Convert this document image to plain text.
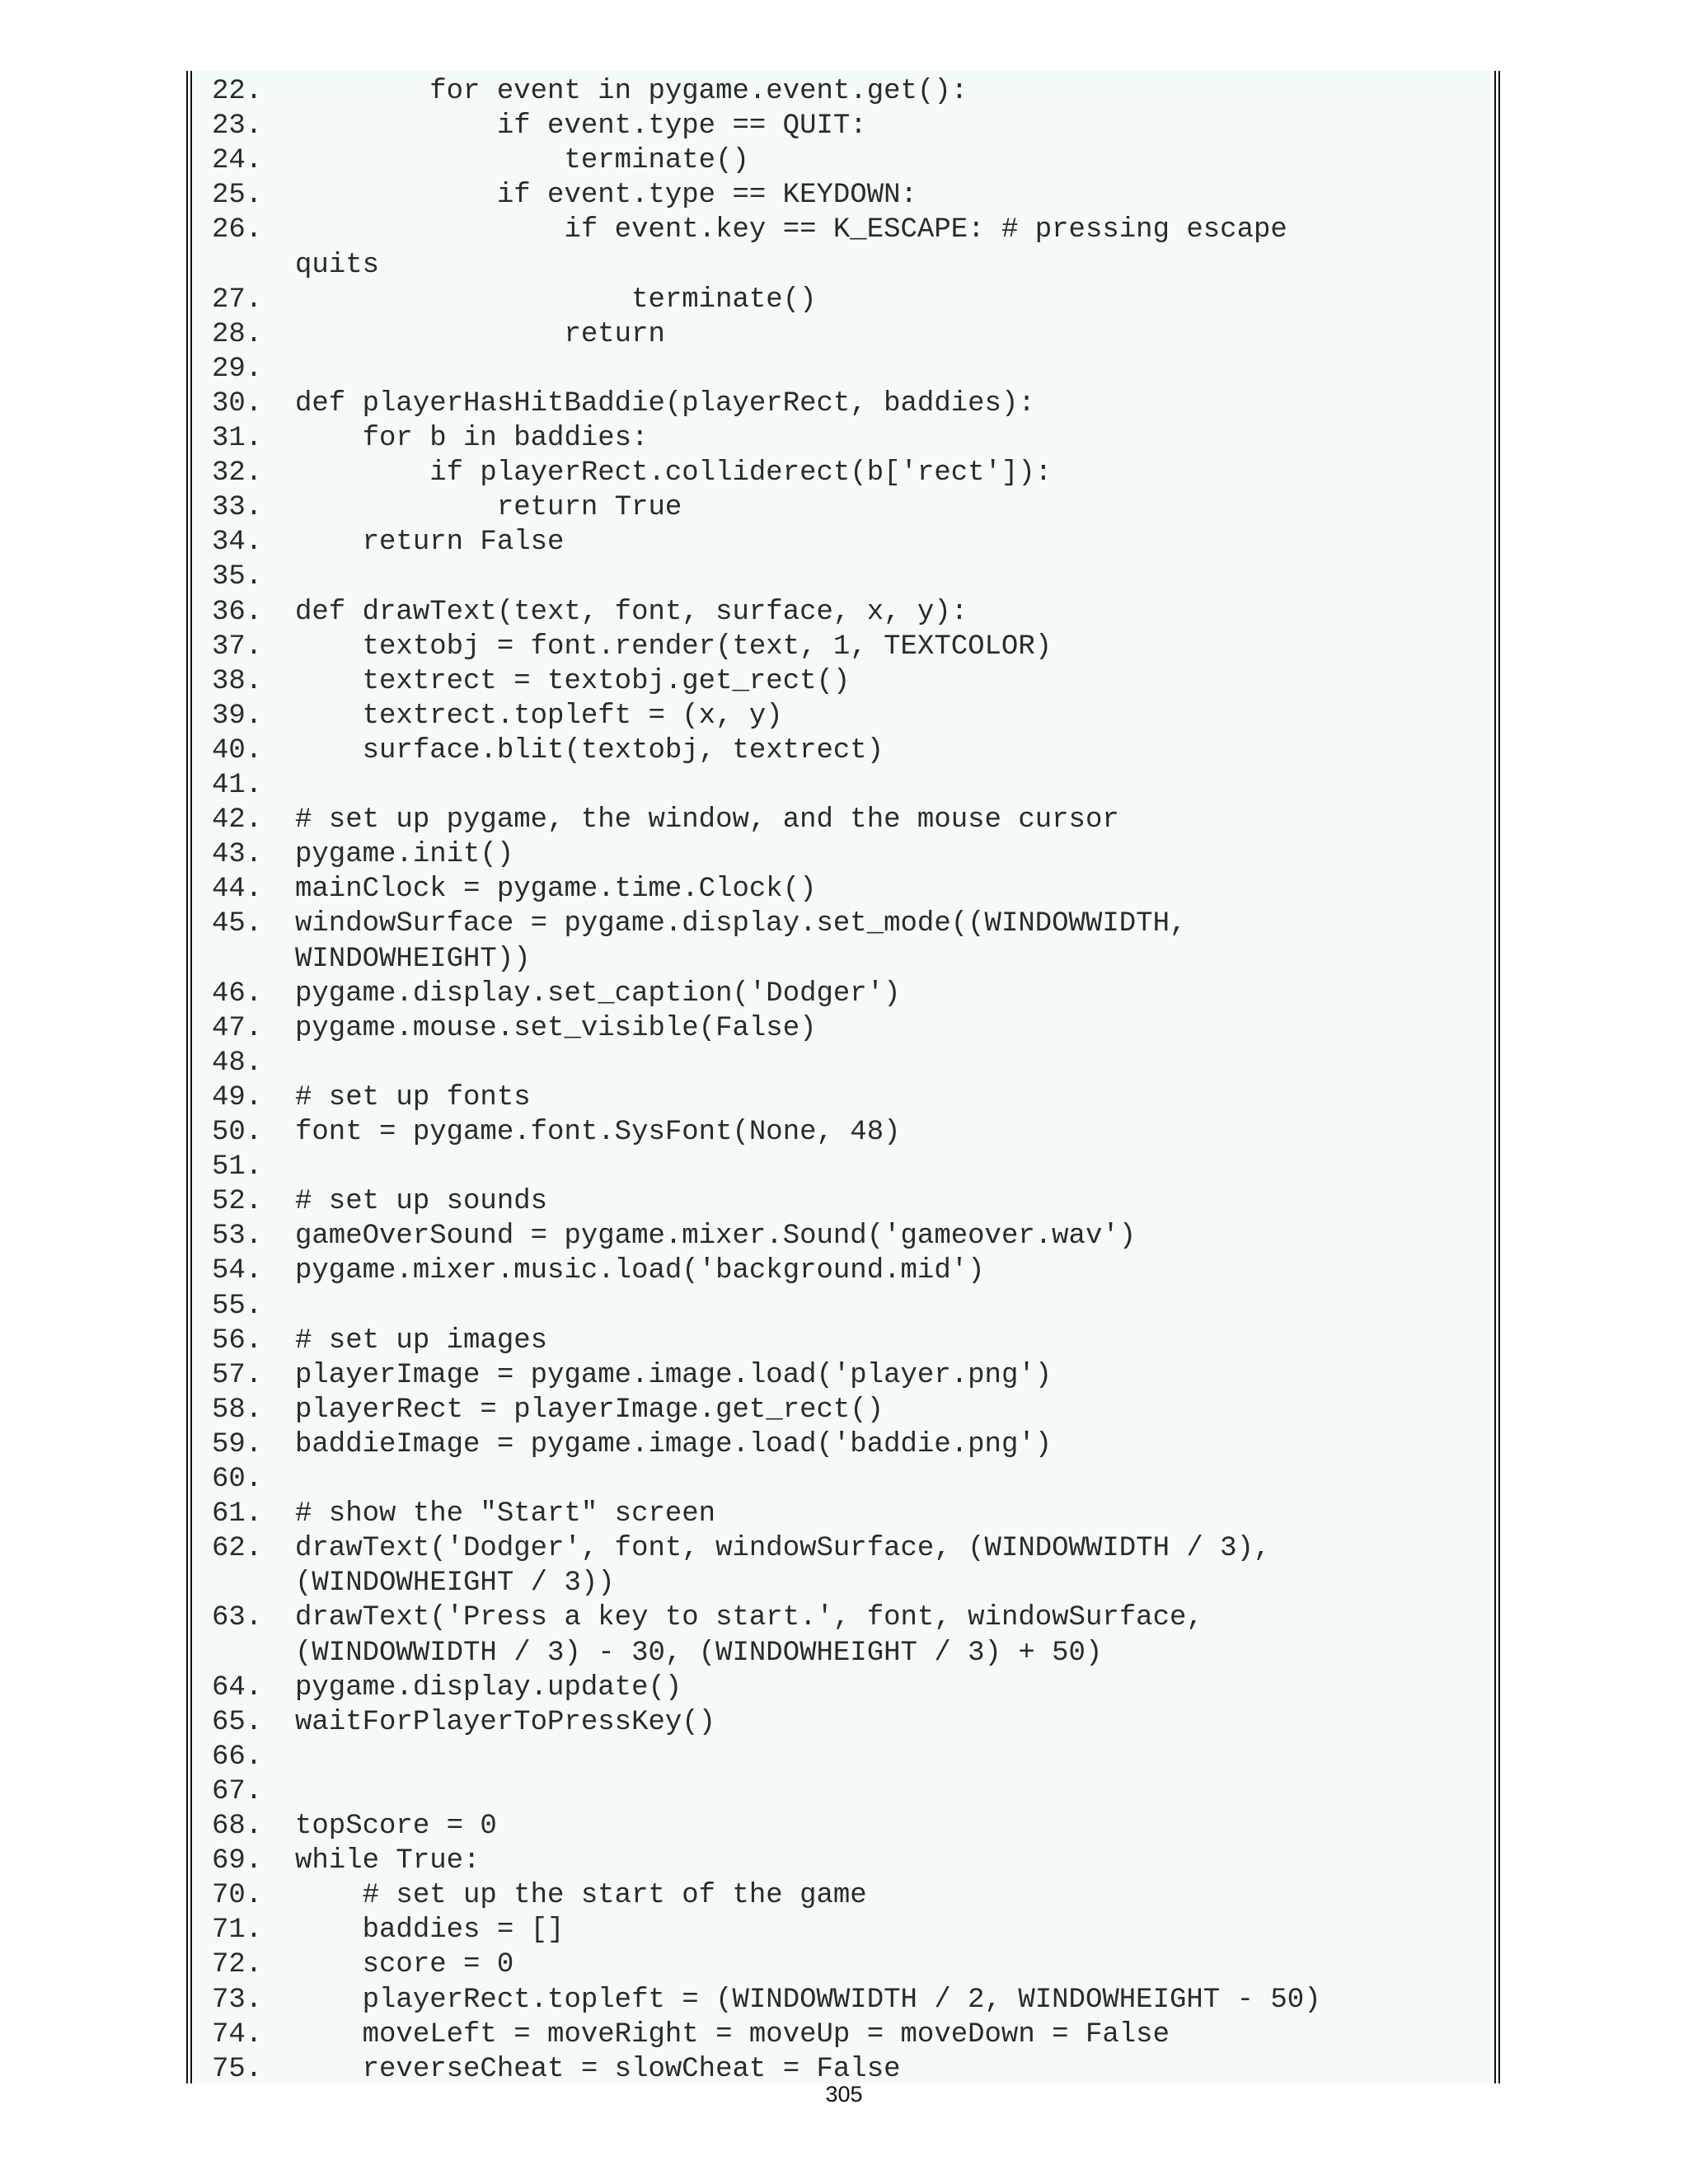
22.	for event in pygame.event.get():
23.	if event.type == QUIT:
24.	terminate()
25.	if event.type == KEYDOWN:
26.	if event.key == K_ESCAPE: # pressing escape
quits
27.	terminate()
28.	return
29.
30. def playerHasHitBaddie(playerRect, baddies):
31.	for b in baddies:
32.	if playerRect.colliderect(b['rect']):
33.	return True
34.	return False
35.
36. def drawText(text, font, surface, x, y):
37.	textobj = font.render(text, 1, TEXTCOLOR)
38.	textrect = textobj.get_rect()
39.	textrect.topleft = (x, y)
40.	surface.blit(textobj, textrect)
41.
42. # set up pygame, the window, and the mouse cursor
43. pygame.init()
44. mainClock = pygame.time.Clock()
45. windowSurface = pygame.display.set_mode((WINDOWWIDTH,
WINDOWHEIGHT))
46. pygame.display.set_caption('Dodger')
47. pygame.mouse.set_visible(False)
48.
49. # set up fonts
50. font = pygame.font.SysFont(None, 48)
51.
52. # set up sounds
53. gameOverSound = pygame.mixer.Sound('gameover.wav')
54. pygame.mixer.music.load('background.mid')
55.
56. # set up images
57. playerImage = pygame.image.load('player.png')
58. playerRect = playerImage.get_rect()
59. baddieImage = pygame.image.load('baddie.png')
60.
61. # show the "Start" screen
62. drawText('Dodger', font, windowSurface, (WINDOWWIDTH / 3),
(WINDOWHEIGHT / 3))
63. drawText('Press a key to start.', font, windowSurface,
(WINDOWWIDTH / 3) - 30, (WINDOWHEIGHT / 3) + 50)
64. pygame.display.update()
65. waitForPlayerToPressKey()
66.
67.
68. topScore = 0
69. while True:
70.	# set up the start of the game
71.	baddies = []
72.	score = 0
73.	playerRect.topleft = (WINDOWWIDTH / 2, WINDOWHEIGHT - 50)
74.	moveLeft = moveRight = moveUp = moveDown = False
75.	reverseCheat = slowCheat = False
305
